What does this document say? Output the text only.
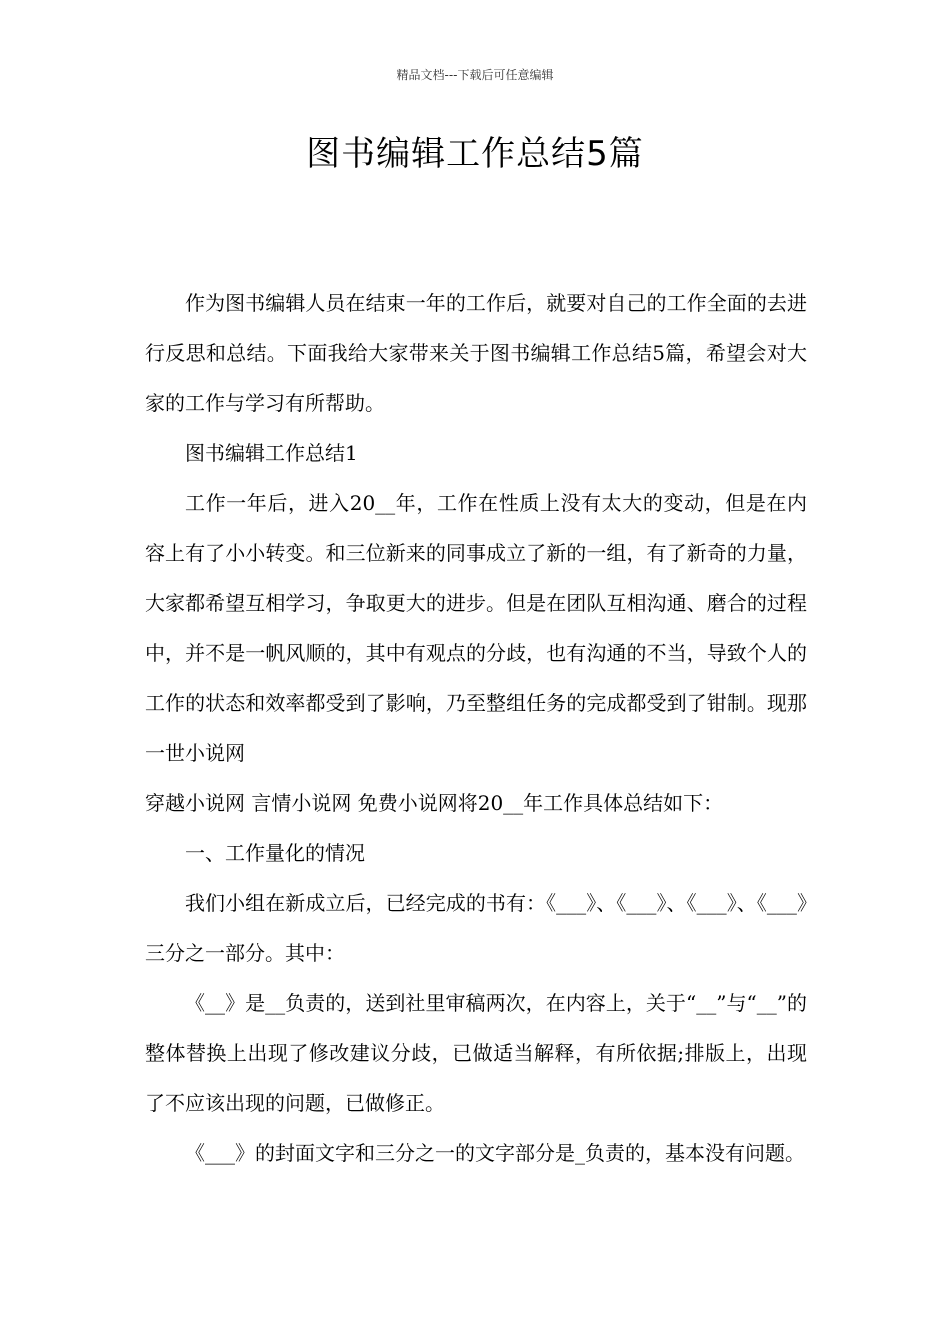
精品文档---下载后可任意编辑
图书编辑工作总结5篇

作为图书编辑人员在结束一年的工作后，就要对自己的工作全面的去进行反思和总结。下面我给大家带来关于图书编辑工作总结5篇，希望会对大家的工作与学习有所帮助。

图书编辑工作总结1

工作一年后，进入20__年，工作在性质上没有太大的变动，但是在内容上有了小小转变。和三位新来的同事成立了新的一组，有了新奇的力量，大家都希望互相学习，争取更大的进步。但是在团队互相沟通、磨合的过程中，并不是一帆风顺的，其中有观点的分歧，也有沟通的不当，导致个人的工作的状态和效率都受到了影响，乃至整组任务的完成都受到了钳制。现那一世小说网

穿越小说网 言情小说网 免费小说网将20__年工作具体总结如下：

一、工作量化的情况

我们小组在新成立后，已经完成的书有：《___》、《___》、《___》、《___》三分之一部分。其中：

《__》是__负责的，送到社里审稿两次，在内容上，关于“__”与“__”的整体替换上出现了修改建议分歧，已做适当解释，有所依据;排版上，出现了不应该出现的问题，已做修正。

《___》的封面文字和三分之一的文字部分是_负责的，基本没有问题。
